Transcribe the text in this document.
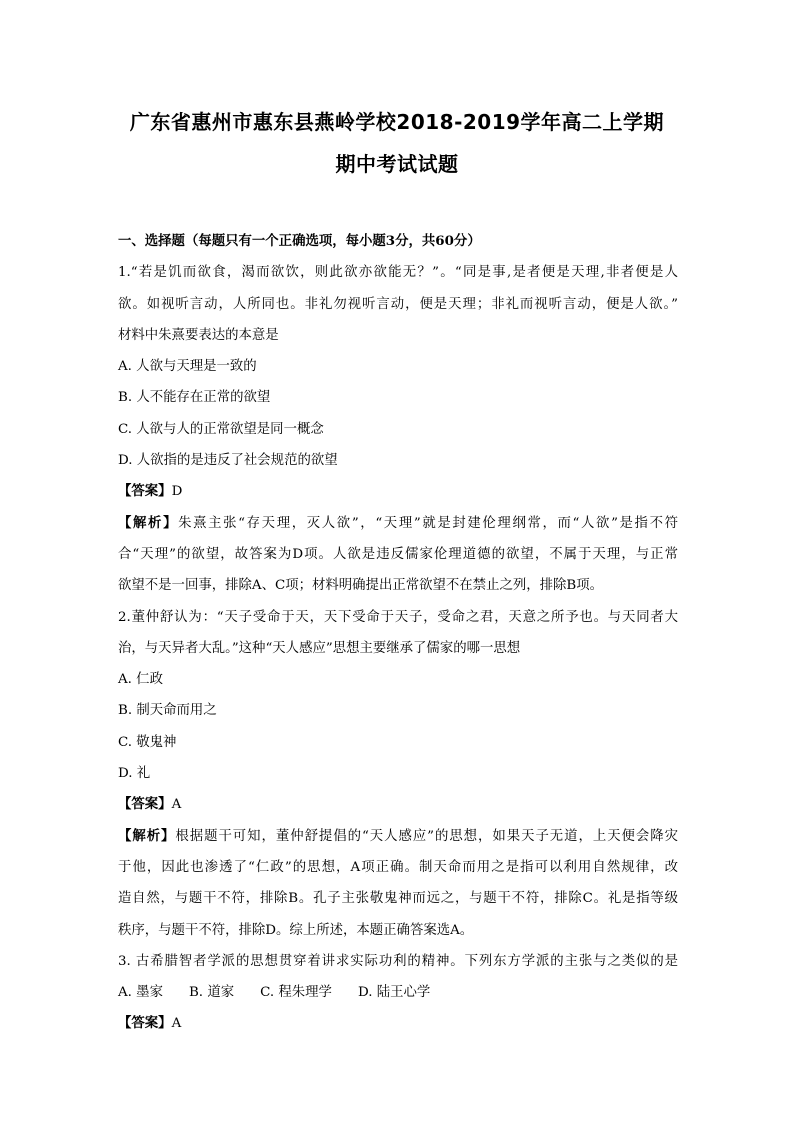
广东省惠州市惠东县燕岭学校2018-2019学年高二上学期
期中考试试题
一、选择题（每题只有一个正确选项，每小题3分，共60分）
1.“若是饥而欲食，渴而欲饮，则此欲亦欲能无？”。“同是事,是者便是天理,非者便是人
欲。如视听言动，人所同也。非礼勿视听言动，便是天理；非礼而视听言动，便是人欲。”
材料中朱熹要表达的本意是
A. 人欲与天理是一致的
B. 人不能存在正常的欲望
C. 人欲与人的正常欲望是同一概念
D. 人欲指的是违反了社会规范的欲望
【答案】D
【解析】朱熹主张“存天理，灭人欲”，“天理”就是封建伦理纲常，而“人欲”是指不符
合“天理”的欲望，故答案为D项。人欲是违反儒家伦理道德的欲望，不属于天理，与正常
欲望不是一回事，排除A、C项；材料明确提出正常欲望不在禁止之列，排除B项。
2.董仲舒认为：“天子受命于天，天下受命于天子，受命之君，天意之所予也。与天同者大
治，与天异者大乱。”这种“天人感应”思想主要继承了儒家的哪一思想
A. 仁政
B. 制天命而用之
C. 敬鬼神
D. 礼
【答案】A
【解析】根据题干可知，董仲舒提倡的“天人感应”的思想，如果天子无道，上天便会降灾
于他，因此也渗透了“仁政”的思想，A项正确。制天命而用之是指可以利用自然规律，改
造自然，与题干不符，排除B。孔子主张敬鬼神而远之，与题干不符，排除C。礼是指等级
秩序，与题干不符，排除D。综上所述，本题正确答案选A。
3. 古希腊智者学派的思想贯穿着讲求实际功利的精神。下列东方学派的主张与之类似的是
A. 墨家 B. 道家 C. 程朱理学 D. 陆王心学
【答案】A
